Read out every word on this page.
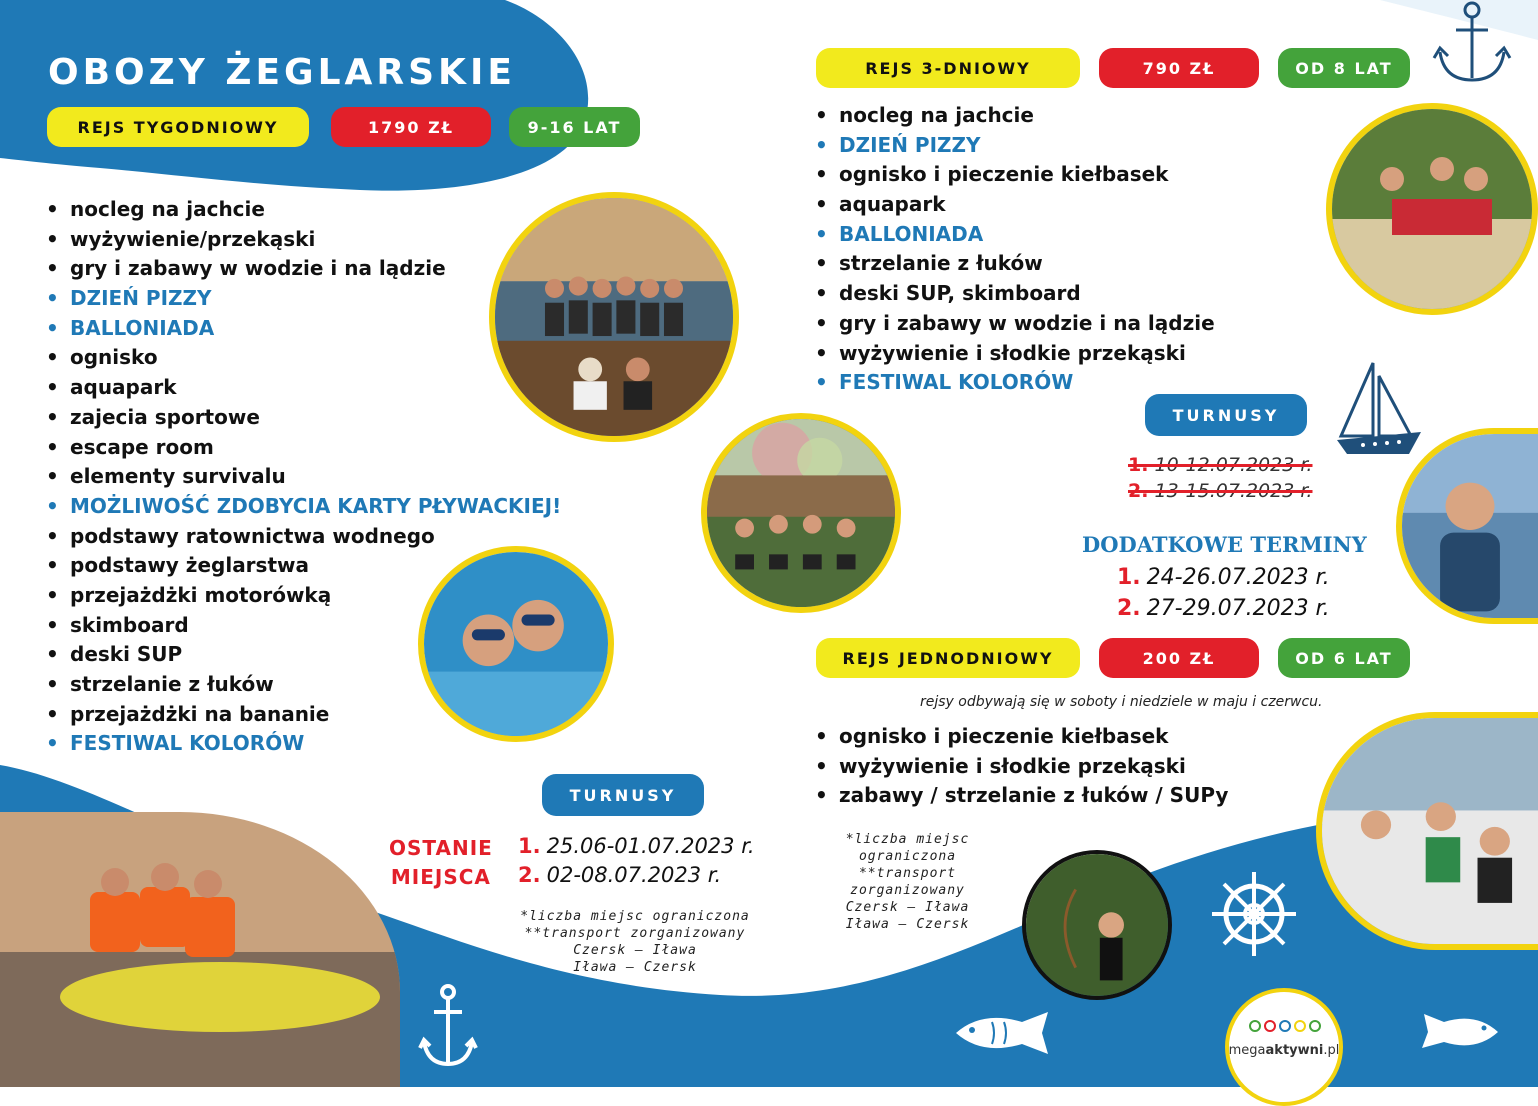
OBOZY ŻEGLARSKIE
REJS TYGODNIOWY	1790 ZŁ	9-16 LAT
• nocleg na jachcie
• wyżywienie/przekąski
• gry i zabawy w wodzie i na lądzie
• DZIEŃ PIZZY
• BALLONIADA
• ognisko
• aquapark
• zajecia sportowe
• escape room
• elementy survivalu
• MOŻLIWOŚĆ ZDOBYCIA KARTY PŁYWACKIEJ!
• podstawy ratownictwa wodnego
• podstawy żeglarstwa
• przejażdżki motorówką
• skimboard
• deski SUP
• strzelanie z łuków
• przejażdżki na bananie
• FESTIWAL KOLORÓW
TURNUSY
OSTANIE
MIEJSCA
1. 25.06-01.07.2023 r.
2. 02-08.07.2023 r.
*liczba miejsc ograniczona
**transport zorganizowany
Czersk – Iława
Iława – Czersk
REJS 3-DNIOWY	790 ZŁ	OD 8 LAT
• nocleg na jachcie
• DZIEŃ PIZZY
• ognisko i pieczenie kiełbasek
• aquapark
• BALLONIADA
• strzelanie z łuków
• deski SUP, skimboard
• gry i zabawy w wodzie i na lądzie
• wyżywienie i słodkie przekąski
• FESTIWAL KOLORÓW
TURNUSY
1. 10-12.07.2023 r.
2. 13-15.07.2023 r.
DODATKOWE TERMINY
1. 24-26.07.2023 r.
2. 27-29.07.2023 r.
REJS JEDNODNIOWY	200 ZŁ	OD 6 LAT
rejsy odbywają się w soboty i niedziele w maju i czerwcu.
• ognisko i pieczenie kiełbasek
• wyżywienie i słodkie przekąski
• zabawy / strzelanie z łuków / SUPy
*liczba miejsc ograniczona
**transport zorganizowany
Czersk – Iława
Iława – Czersk
megaaktywni.pl
